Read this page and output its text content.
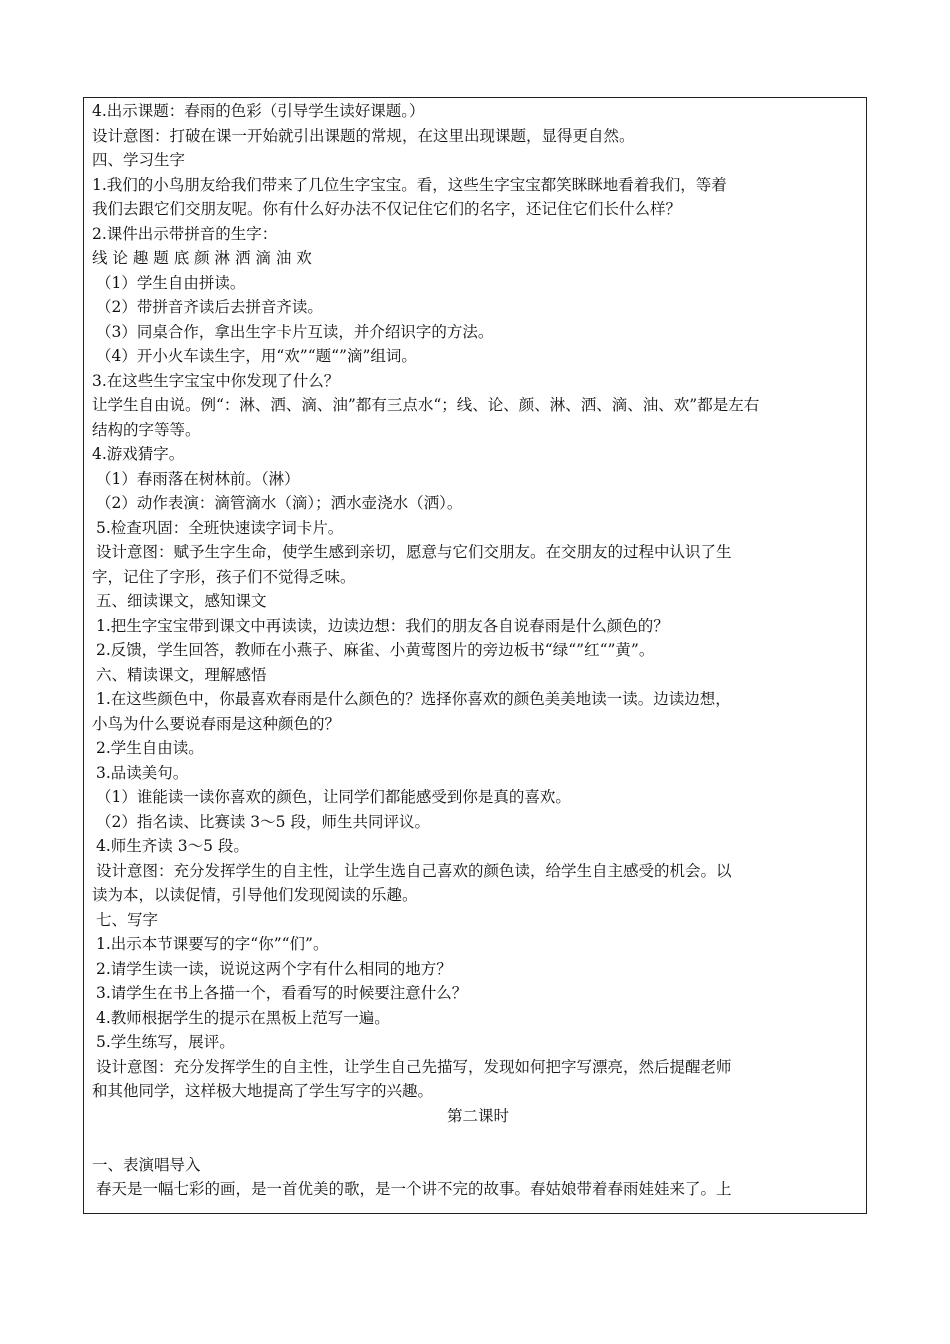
4.出示课题：春雨的色彩（引导学生读好课题。）
设计意图：打破在课一开始就引出课题的常规，在这里出现课题，显得更自然。
四、学习生字
1.我们的小鸟朋友给我们带来了几位生字宝宝。看，这些生字宝宝都笑眯眯地看着我们，等着
我们去跟它们交朋友呢。你有什么好办法不仅记住它们的名字，还记住它们长什么样？
2.课件出示带拼音的生字：
线 论 趣 题 底 颜 淋 洒 滴 油 欢
（1）学生自由拼读。
（2）带拼音齐读后去拼音齐读。
（3）同桌合作，拿出生字卡片互读，并介绍识字的方法。
（4）开小火车读生字，用“欢”“题“”滴”组词。
3.在这些生字宝宝中你发现了什么？
让学生自由说。例“：淋、洒、滴、油”都有三点水“；线、论、颜、淋、洒、滴、油、欢”都是左右
结构的字等等。
4.游戏猜字。
（1）春雨落在树林前。（淋）
（2）动作表演：滴管滴水（滴）；洒水壶浇水（洒）。
5.检查巩固：全班快速读字词卡片。
设计意图：赋予生字生命，使学生感到亲切，愿意与它们交朋友。在交朋友的过程中认识了生
字，记住了字形，孩子们不觉得乏味。
五、细读课文，感知课文
1.把生字宝宝带到课文中再读读，边读边想：我们的朋友各自说春雨是什么颜色的？
2.反馈，学生回答，教师在小燕子、麻雀、小黄莺图片的旁边板书“绿“”红“”黄”。
六、精读课文，理解感悟
1.在这些颜色中，你最喜欢春雨是什么颜色的？选择你喜欢的颜色美美地读一读。边读边想，
小鸟为什么要说春雨是这种颜色的？
2.学生自由读。
3.品读美句。
（1）谁能读一读你喜欢的颜色，让同学们都能感受到你是真的喜欢。
（2）指名读、比赛读 3～5 段，师生共同评议。
4.师生齐读 3～5 段。
设计意图：充分发挥学生的自主性，让学生选自己喜欢的颜色读，给学生自主感受的机会。以
读为本，以读促情，引导他们发现阅读的乐趣。
七、写字
1.出示本节课要写的字“你”“们”。
2.请学生读一读，说说这两个字有什么相同的地方？
3.请学生在书上各描一个，看看写的时候要注意什么？
4.教师根据学生的提示在黑板上范写一遍。
5.学生练写，展评。
设计意图：充分发挥学生的自主性，让学生自己先描写，发现如何把字写漂亮，然后提醒老师
和其他同学，这样极大地提高了学生写字的兴趣。
第二课时
一、表演唱导入
春天是一幅七彩的画，是一首优美的歌，是一个讲不完的故事。春姑娘带着春雨娃娃来了。上
